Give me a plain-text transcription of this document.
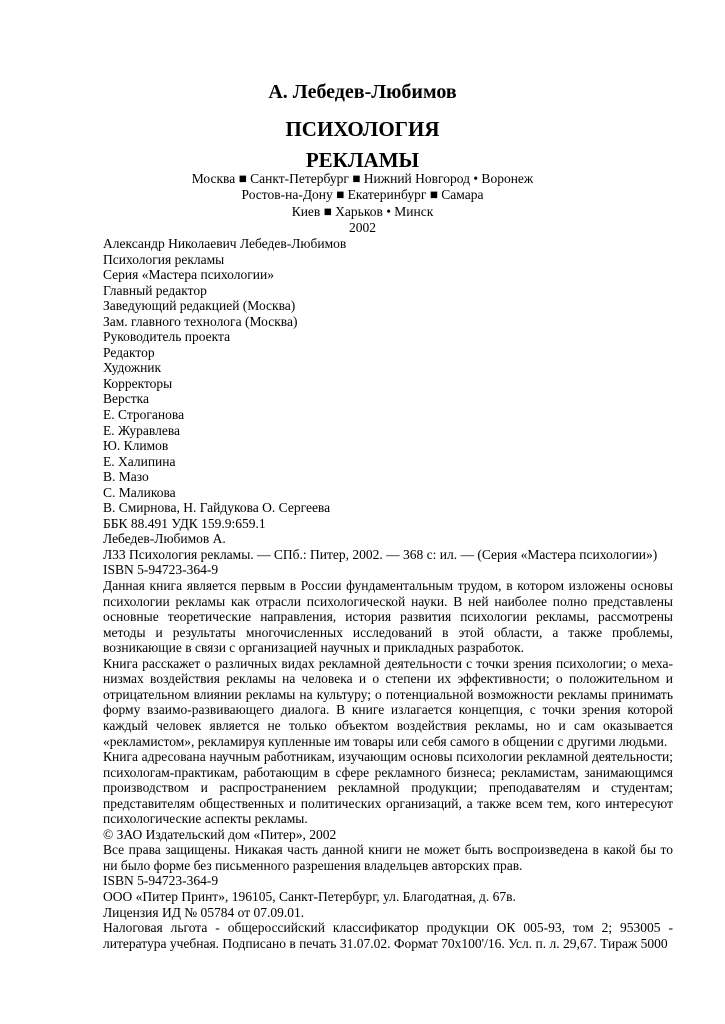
А. Лебедев-Любимов
ПСИХОЛОГИЯ
РЕКЛАМЫ
Москва ■ Санкт-Петербург ■ Нижний Новгород • Воронеж
Ростов-на-Дону ■ Екатеринбург ■ Самара
Киев ■ Харьков • Минск
2002
Александр Николаевич Лебедев-Любимов
Психология рекламы
Серия «Мастера психологии»
Главный редактор
Заведующий редакцией (Москва)
Зам. главного технолога (Москва)
Руководитель проекта
Редактор
Художник
Корректоры
Верстка
Е. Строганова
Е. Журавлева
Ю. Климов
Е. Халипина
В. Мазо
С. Маликова
В. Смирнова, Н. Гайдукова О. Сергеева
ББК 88.491 УДК 159.9:659.1
Лебедев-Любимов А.
Л33 Психология рекламы. — СПб.: Питер, 2002. — 368 с: ил. — (Серия «Мастера психологии»)
ISBN 5-94723-364-9
Данная книга является первым в России фундаментальным трудом, в котором изложены основы психологии рекламы как отрасли психологической науки. В ней наиболее полно представлены основные теоретические направления, история развития психологии рекламы, рассмотрены методы и результаты многочисленных исследований в этой области, а также проблемы, возникающие в связи с организацией научных и прикладных разработок.
Книга расскажет о различных видах рекламной деятельности с точки зрения психологии; о меха-низмах воздействия рекламы на человека и о степени их эффективности; о положительном и отрицательном влиянии рекламы на культуру; о потенциальной возможности рекламы принимать форму взаимо-развивающего диалога. В книге излагается концепция, с точки зрения которой каждый человек является не только объектом воздействия рекламы, но и сам оказывается «рекламистом», рекламируя купленные им товары или себя самого в общении с другими людьми.
Книга адресована научным работникам, изучающим основы психологии рекламной деятельности; психологам-практикам, работающим в сфере рекламного бизнеса; рекламистам, занимающимся производством и распространением рекламной продукции; преподавателям и студентам; представителям общественных и политических организаций, а также всем тем, кого интересуют психологические аспекты рекламы.
© ЗАО Издательский дом «Питер», 2002
Все права защищены. Никакая часть данной книги не может быть воспроизведена в какой бы то ни было форме без письменного разрешения владельцев авторских прав.
ISBN 5-94723-364-9
ООО «Питер Принт», 196105, Санкт-Петербург, ул. Благодатная, д. 67в.
Лицензия ИД № 05784 от 07.09.01.
Налоговая льгота - общероссийский классификатор продукции ОК 005-93, том 2; 953005 - литература учебная. Подписано в печать 31.07.02. Формат 70х100'/16. Усл. п. л. 29,67. Тираж 5000
